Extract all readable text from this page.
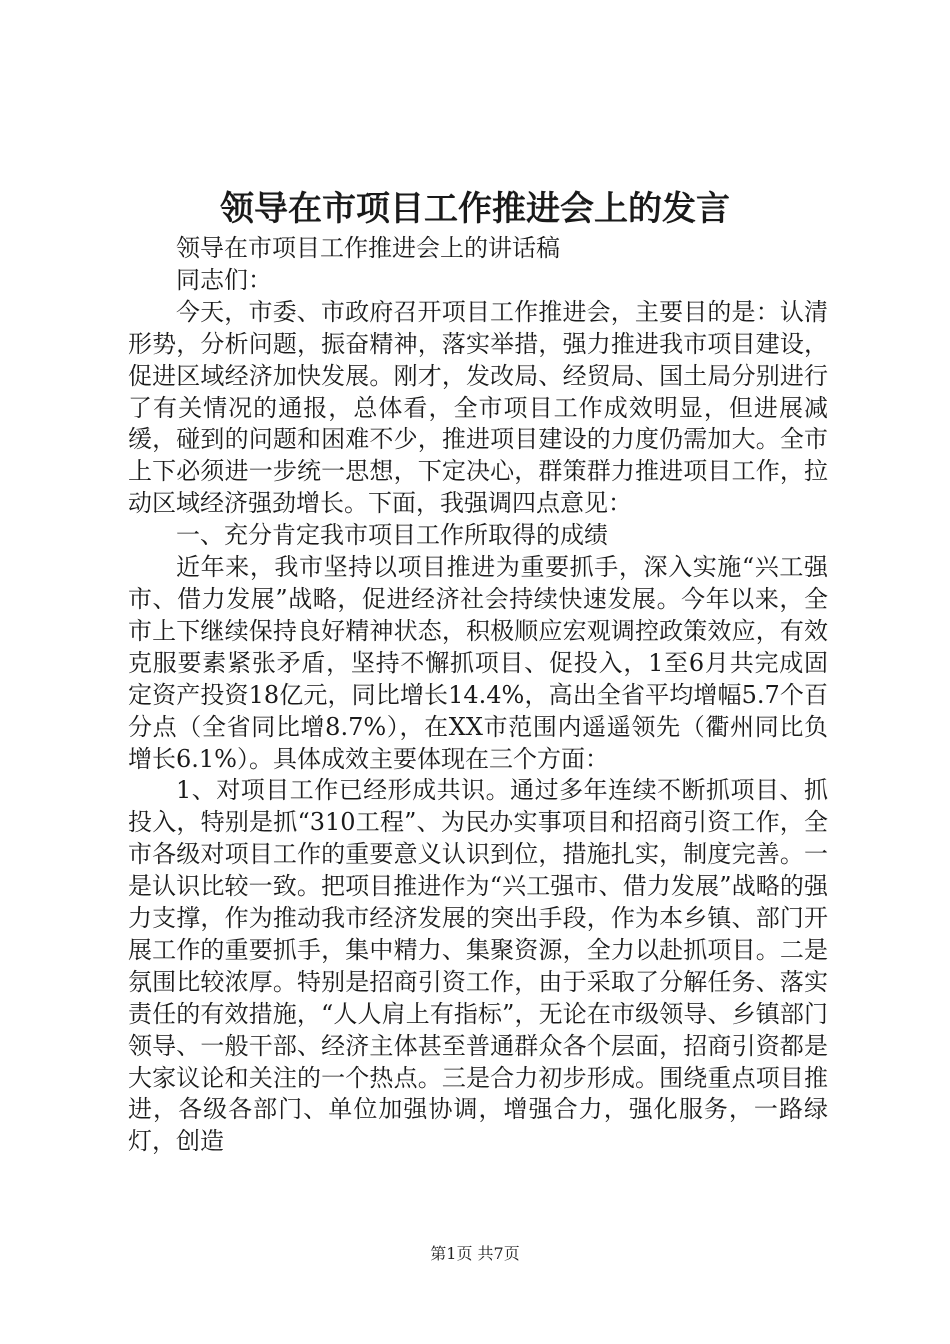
领导在市项目工作推进会上的发言

领导在市项目工作推进会上的讲话稿

同志们：

今天，市委、市政府召开项目工作推进会，主要目的是：认清形势，分析问题，振奋精神，落实举措，强力推进我市项目建设，促进区域经济加快发展。刚才，发改局、经贸局、国土局分别进行了有关情况的通报，总体看，全市项目工作成效明显，但进展减缓，碰到的问题和困难不少，推进项目建设的力度仍需加大。全市上下必须进一步统一思想，下定决心，群策群力推进项目工作，拉动区域经济强劲增长。下面，我强调四点意见：

一、充分肯定我市项目工作所取得的成绩

近年来，我市坚持以项目推进为重要抓手，深入实施“兴工强市、借力发展”战略，促进经济社会持续快速发展。今年以来，全市上下继续保持良好精神状态，积极顺应宏观调控政策效应，有效克服要素紧张矛盾，坚持不懈抓项目、促投入，1至6月共完成固定资产投资18亿元，同比增长14.4%，高出全省平均增幅5.7个百分点（全省同比增8.7%），在XX市范围内遥遥领先（衢州同比负增长6.1%）。具体成效主要体现在三个方面：

1、对项目工作已经形成共识。通过多年连续不断抓项目、抓投入，特别是抓“310工程”、为民办实事项目和招商引资工作，全市各级对项目工作的重要意义认识到位，措施扎实，制度完善。一是认识比较一致。把项目推进作为“兴工强市、借力发展”战略的强力支撑，作为推动我市经济发展的突出手段，作为本乡镇、部门开展工作的重要抓手，集中精力、集聚资源，全力以赴抓项目。二是氛围比较浓厚。特别是招商引资工作，由于采取了分解任务、落实责任的有效措施，“人人肩上有指标”，无论在市级领导、乡镇部门领导、一般干部、经济主体甚至普通群众各个层面，招商引资都是大家议论和关注的一个热点。三是合力初步形成。围绕重点项目推进，各级各部门、单位加强协调，增强合力，强化服务，一路绿灯，创造

第1页 共7页
